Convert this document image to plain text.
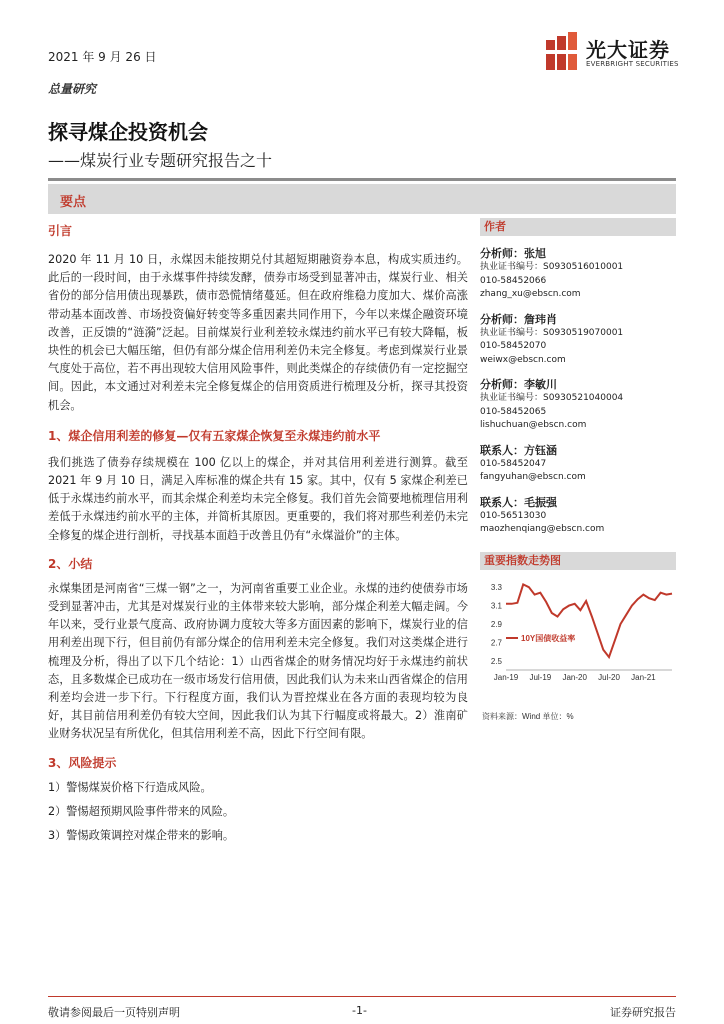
2021 年 9 月 26 日	光大证券
EVERBRIGHT SECURITIES
总量研究
探寻煤企投资机会
——煤炭行业专题研究报告之十
要点

引言

2020 年 11 月 10 日，永煤因未能按期兑付其超短期融资券本息，构成实质违约。此后的一段时间，由于永煤事件持续发酵，债券市场受到显著冲击，煤炭行业、相关省份的部分信用债出现暴跌，债市恐慌情绪蔓延。但在政府维稳力度加大、煤价高涨带动基本面改善、市场投资偏好转变等多重因素共同作用下，今年以来煤企融资环境改善，正反馈的“涟漪”泛起。目前煤炭行业利差较永煤违约前水平已有较大降幅，板块性的机会已大幅压缩，但仍有部分煤企信用利差仍未完全修复。考虑到煤炭行业景气度处于高位，若不再出现较大信用风险事件，则此类煤企的存续债仍有一定挖掘空间。因此，本文通过对利差未完全修复煤企的信用资质进行梳理及分析，探寻其投资机会。

1、煤企信用利差的修复—仅有五家煤企恢复至永煤违约前水平

我们挑选了债券存续规模在 100 亿以上的煤企，并对其信用利差进行测算。截至 2021 年 9 月 10 日，满足入库标准的煤企共有 15 家。其中，仅有 5 家煤企利差已低于永煤违约前水平，而其余煤企利差均未完全修复。我们首先会简要地梳理信用利差低于永煤违约前水平的主体，并简析其原因。更重要的，我们将对那些利差仍未完全修复的煤企进行剖析，寻找基本面趋于改善且仍有“永煤溢价”的主体。

2、小结

永煤集团是河南省“三煤一钢”之一，为河南省重要工业企业。永煤的违约使债券市场受到显著冲击，尤其是对煤炭行业的主体带来较大影响，部分煤企利差大幅走阔。今年以来，受行业景气度高、政府协调力度较大等多方面因素的影响下，煤炭行业的信用利差出现下行，但目前仍有部分煤企的信用利差未完全修复。我们对这类煤企进行梳理及分析，得出了以下几个结论：1）山西省煤企的财务情况均好于永煤违约前状态，且多数煤企已成功在一级市场发行信用债，因此我们认为未来山西省煤企的信用利差均会进一步下行。下行程度方面，我们认为晋控煤业在各方面的表现均较为良好，其目前信用利差仍有较大空间，因此我们认为其下行幅度或将最大。2）淮南矿业财务状况呈有所优化，但其信用利差不高，因此下行空间有限。

3、风险提示

1）警惕煤炭价格下行造成风险。

2）警惕超预期风险事件带来的风险。

3）警惕政策调控对煤企带来的影响。

作者
分析师：张旭
执业证书编号：S0930516010001
010-58452066
zhang_xu@ebscn.com
分析师：詹玮肖
执业证书编号：S0930519070001
010-58452070
weiwx@ebscn.com
分析师：李敏川
执业证书编号：S0930521040004
010-58452065
lishuchuan@ebscn.com
联系人：方钰涵
010-58452047
fangyuhan@ebscn.com
联系人：毛振强
010-56513030
maozhenqiang@ebscn.com
重要指数走势图
2.5
2.7
2.9
3.1
3.3
Jan-19 Jul-19 Jan-20 Jul-20 Jan-21
10Y国债收益率
资料来源：Wind 单位：%
敬请参阅最后一页特别声明	-1-	证券研究报告
